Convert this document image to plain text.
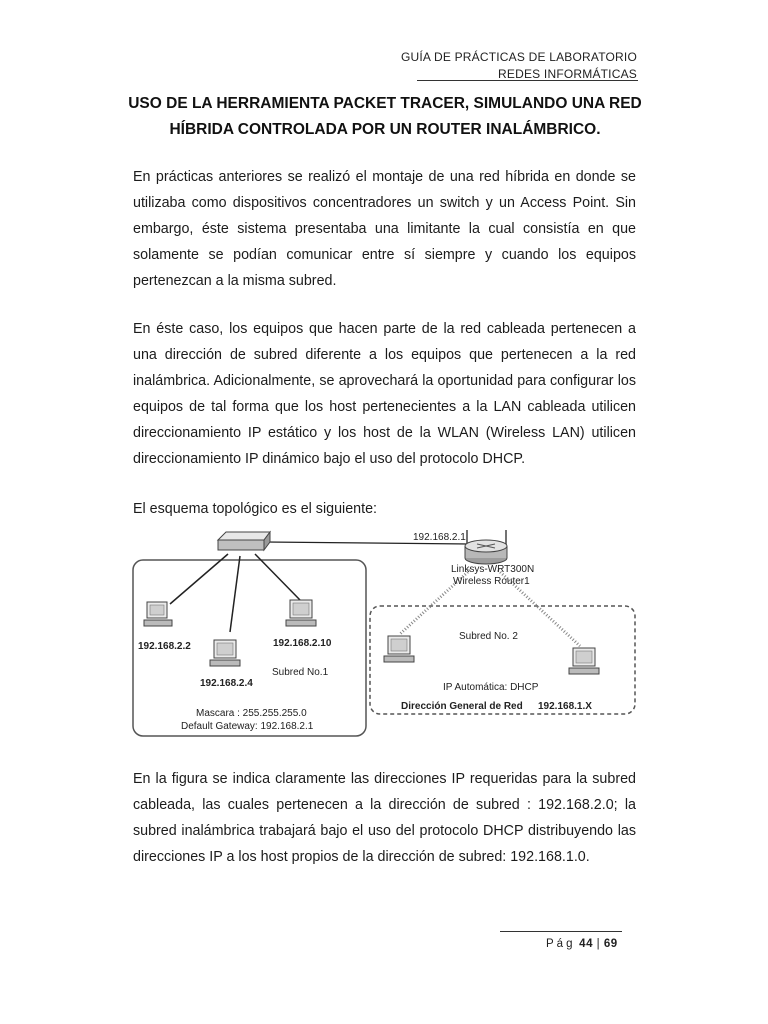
GUÍA DE PRÁCTICAS DE LABORATORIO
REDES INFORMÁTICAS
USO DE LA HERRAMIENTA PACKET TRACER, SIMULANDO UNA RED
HÍBRIDA CONTROLADA POR UN ROUTER INALÁMBRICO.
En prácticas anteriores se realizó el montaje de una red híbrida en donde se utilizaba como dispositivos concentradores un switch y un Access Point. Sin embargo, éste sistema presentaba una limitante la cual consistía en que solamente se podían comunicar entre sí siempre y cuando los equipos pertenezcan a la misma subred.
En éste caso, los equipos que hacen parte de la red cableada pertenecen a una dirección de subred diferente a los equipos que pertenecen a la red inalámbrica. Adicionalmente, se aprovechará la oportunidad para configurar los equipos de tal forma que los host pertenecientes a la LAN cableada utilicen direccionamiento IP estático y los host de la WLAN (Wireless LAN) utilicen direccionamiento IP dinámico bajo el uso del protocolo DHCP.
El esquema topológico es el siguiente:
192.168.2.1
Linksys-WRT300N
Wireless Router1
192.168.2.2
192.168.2.4
192.168.2.10
Subred No.1
Mascara : 255.255.255.0
Default Gateway: 192.168.2.1
Subred No. 2
IP Automática: DHCP
Dirección General de Red 192.168.1.X
En la figura se indica claramente las direcciones IP requeridas para la subred cableada, las cuales pertenecen a la dirección de subred : 192.168.2.0; la subred inalámbrica trabajará bajo el uso del protocolo DHCP distribuyendo las direcciones IP a los host propios de la dirección de subred: 192.168.1.0.
Pág 44 | 69
